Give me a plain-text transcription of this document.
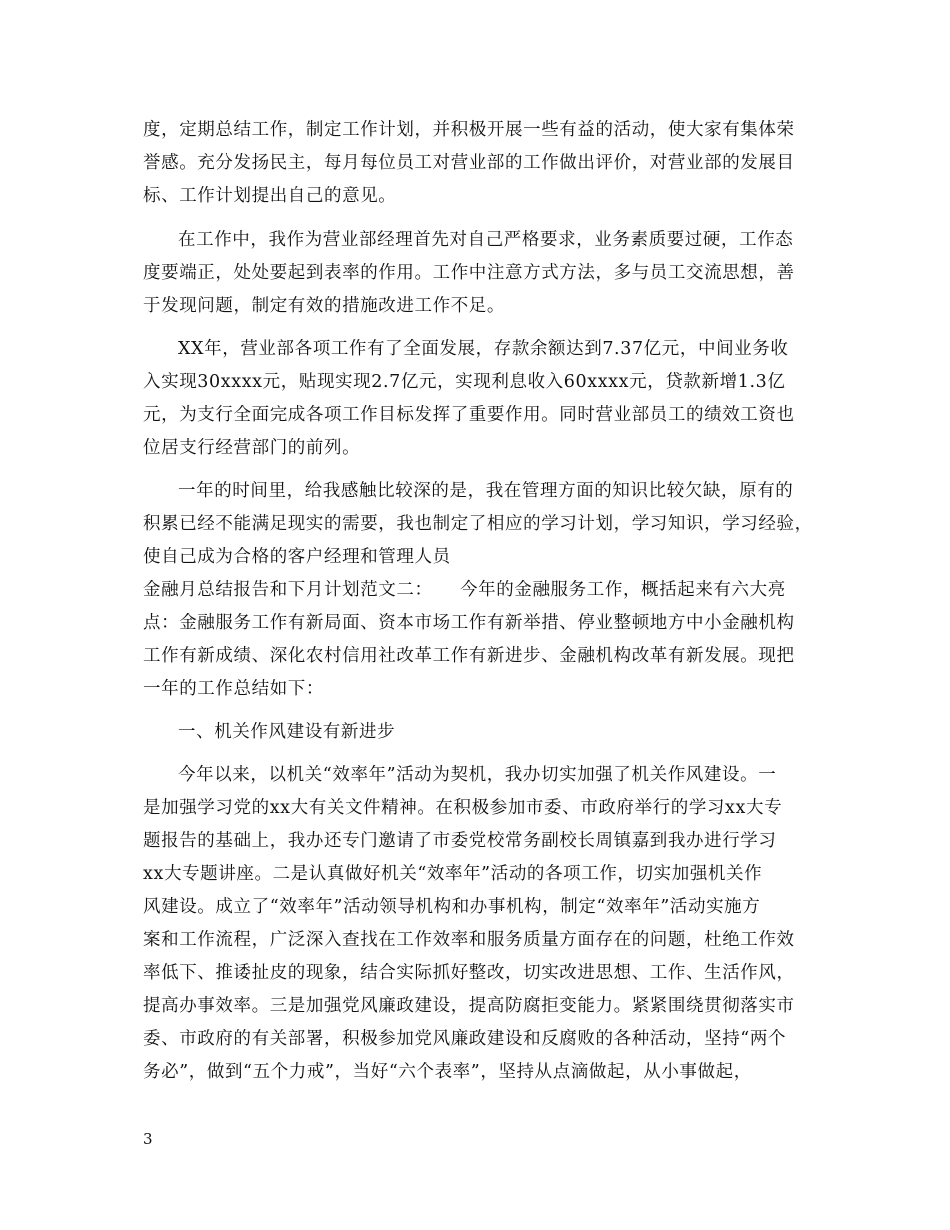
度，定期总结工作，制定工作计划，并积极开展一些有益的活动，使大家有集体荣
誉感。充分发扬民主，每月每位员工对营业部的工作做出评价，对营业部的发展目
标、工作计划提出自己的意见。
在工作中，我作为营业部经理首先对自己严格要求，业务素质要过硬，工作态
度要端正，处处要起到表率的作用。工作中注意方式方法，多与员工交流思想，善
于发现问题，制定有效的措施改进工作不足。
XX年，营业部各项工作有了全面发展，存款余额达到7.37亿元，中间业务收
入实现30xxxx元，贴现实现2.7亿元，实现利息收入60xxxx元，贷款新增1.3亿
元，为支行全面完成各项工作目标发挥了重要作用。同时营业部员工的绩效工资也
位居支行经营部门的前列。
一年的时间里，给我感触比较深的是，我在管理方面的知识比较欠缺，原有的
积累已经不能满足现实的需要，我也制定了相应的学习计划，学习知识，学习经验，
使自己成为合格的客户经理和管理人员
金融月总结报告和下月计划范文二：　　今年的金融服务工作，概括起来有六大亮
点：金融服务工作有新局面、资本市场工作有新举措、停业整顿地方中小金融机构
工作有新成绩、深化农村信用社改革工作有新进步、金融机构改革有新发展。现把
一年的工作总结如下：
一、机关作风建设有新进步
今年以来，以机关“效率年”活动为契机，我办切实加强了机关作风建设。一
是加强学习党的xx大有关文件精神。在积极参加市委、市政府举行的学习xx大专
题报告的基础上，我办还专门邀请了市委党校常务副校长周镇嘉到我办进行学习
xx大专题讲座。二是认真做好机关“效率年”活动的各项工作，切实加强机关作
风建设。成立了“效率年”活动领导机构和办事机构，制定“效率年”活动实施方
案和工作流程，广泛深入查找在工作效率和服务质量方面存在的问题，杜绝工作效
率低下、推诿扯皮的现象，结合实际抓好整改，切实改进思想、工作、生活作风，
提高办事效率。三是加强党风廉政建设，提高防腐拒变能力。紧紧围绕贯彻落实市
委、市政府的有关部署，积极参加党风廉政建设和反腐败的各种活动，坚持“两个
务必”，做到“五个力戒”，当好“六个表率”，坚持从点滴做起，从小事做起，
3
